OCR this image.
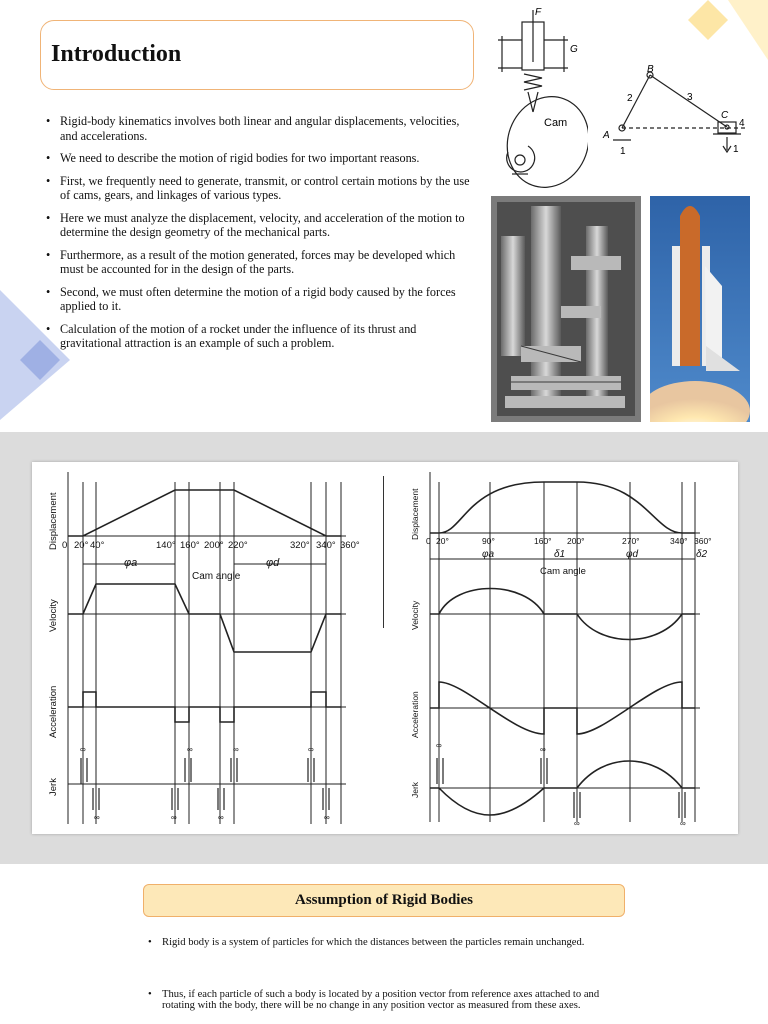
Introduction
• Rigid-body kinematics involves both linear and angular displacements, velocities, and accelerations.
• We need to describe the motion of rigid bodies for two important reasons.
• First, we frequently need to generate, transmit, or control certain motions by the use of cams, gears, and linkages of various types.
• Here we must analyze the displacement, velocity, and acceleration of the motion to determine the design geometry of the mechanical parts.
• Furthermore, as a result of the motion generated, forces may be developed which must be accounted for in the design of the parts.
• Second, we must often determine the motion of a rigid body caused by the forces applied to it.
• Calculation of the motion of a rocket under the influence of its thrust and gravitational attraction is an example of such a problem.
F
G
Cam
B
A
C
2	3
4
1	1
0 20° 40°	140° 160° 200° 220°	320° 340° 360°
φa	φd
Cam angle
∞	∞	∞	∞
∞	∞	∞	∞
Displacement
Velocity
Acceleration
Jerk
0 20°	90°	160° 200°	270°	340° 360°
φa	δ1	φd	δ2
Cam angle
∞	∞
∞	∞
Displacement
Velocity
Acceleration
Jerk
Assumption of Rigid Bodies
• Rigid body is a system of particles for which the distances between the particles remain unchanged.
• Thus, if each particle of such a body is located by a position vector from reference axes attached to and rotating with the body, there will be no change in any position vector as measured from these axes.
